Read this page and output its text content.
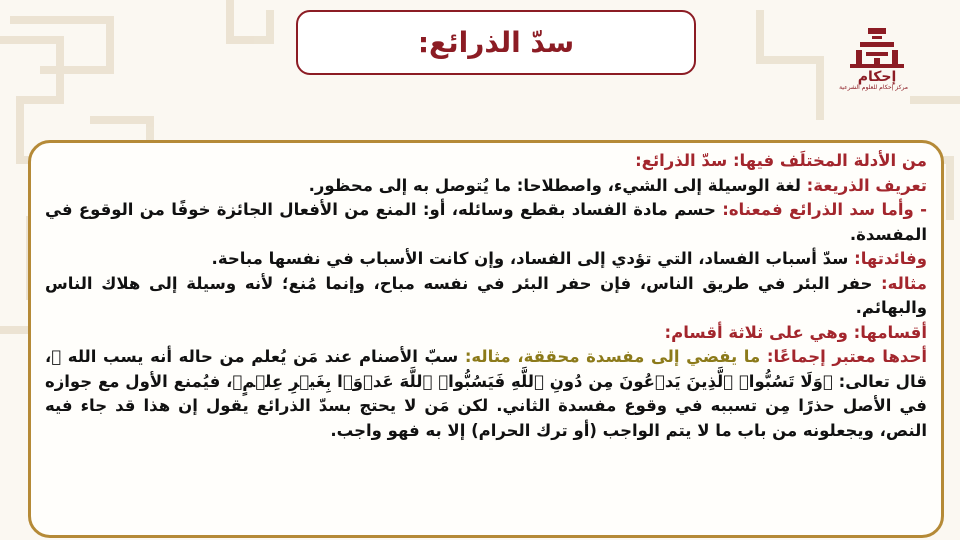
سدّ الذرائع:
إحكام
مركز إحكام للعلوم الشرعية

من الأدلة المختلَف فيها: سدّ الذرائع:

تعريف الذريعة: لغة الوسيلة إلى الشيء، واصطلاحا: ما يُتوصل به إلى محظور.

- وأما سد الذرائع فمعناه: حسم مادة الفساد بقطع وسائله، أو: المنع من الأفعال الجائزة خوفًا من الوقوع في المفسدة.

وفائدتها: سدّ أسباب الفساد، التي تؤدي إلى الفساد، وإن كانت الأسباب في نفسها مباحة.

مثاله: حفر البئر في طريق الناس، فإن حفر البئر في نفسه مباح، وإنما مُنع؛ لأنه وسيلة إلى هلاك الناس والبهائم.

أقسامها: وهي على ثلاثة أقسام:

أحدها معتبر إجماعًا: ما يفضي إلى مفسدة محققة، مثاله: سبّ الأصنام عند مَن يُعلم من حاله أنه يسب الله ﷻ، قال تعالى: ﴿وَلَا تَسُبُّوا۟ ٱلَّذِينَ يَدۡعُونَ مِن دُونِ ٱللَّهِ فَيَسُبُّوا۟ ٱللَّهَ عَدۡوَۢا بِغَيۡرِ عِلۡمٍ﴾، فيُمنع الأول مع جوازه في الأصل حذرًا مِن تسببه في وقوع مفسدة الثاني. لكن مَن لا يحتج بسدّ الذرائع يقول إن هذا قد جاء فيه النص، ويجعلونه من باب ما لا يتم الواجب (أو ترك الحرام) إلا به فهو واجب.
